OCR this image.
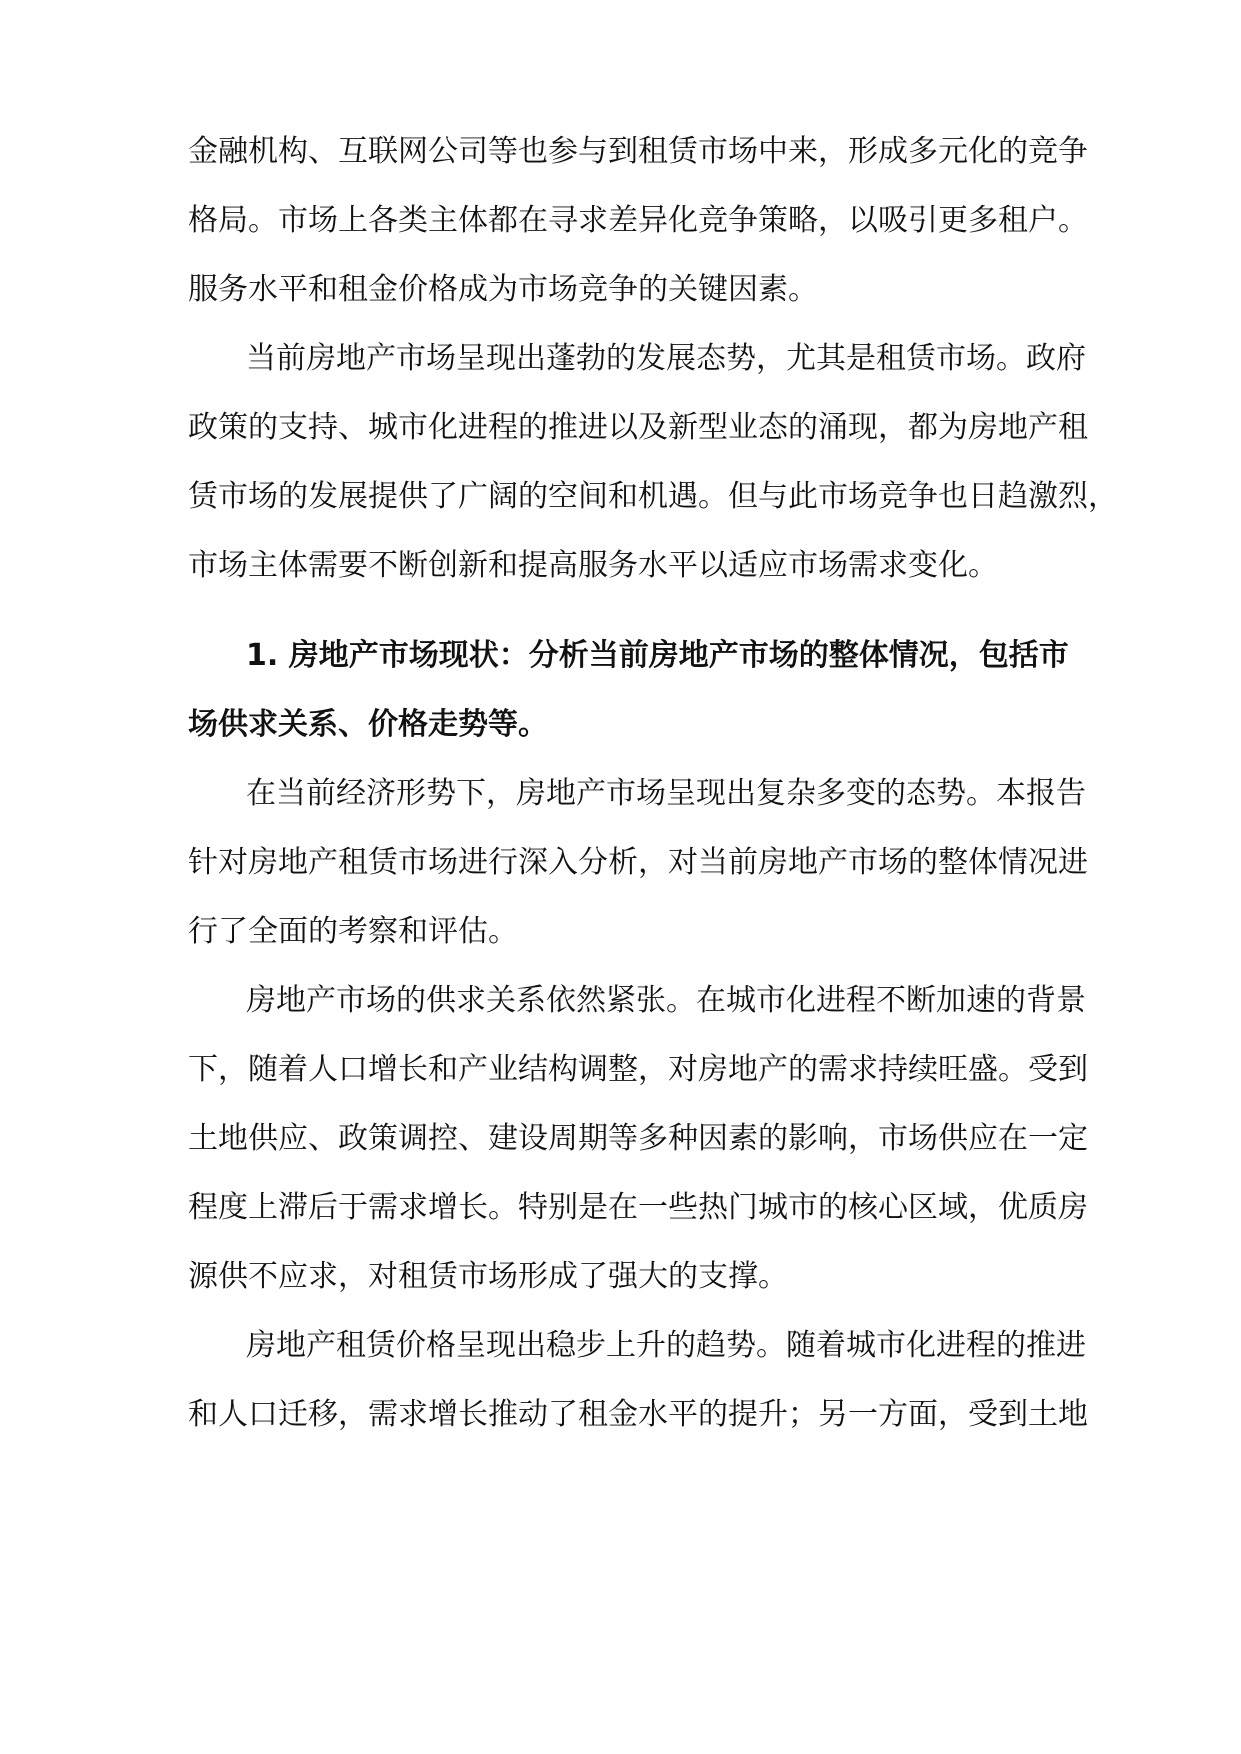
金融机构、互联网公司等也参与到租赁市场中来，形成多元化的竞争
格局。市场上各类主体都在寻求差异化竞争策略，以吸引更多租户。
服务水平和租金价格成为市场竞争的关键因素。
当前房地产市场呈现出蓬勃的发展态势，尤其是租赁市场。政府
政策的支持、城市化进程的推进以及新型业态的涌现，都为房地产租
赁市场的发展提供了广阔的空间和机遇。但与此市场竞争也日趋激烈，
市场主体需要不断创新和提高服务水平以适应市场需求变化。
1. 房地产市场现状：分析当前房地产市场的整体情况，包括市
场供求关系、价格走势等。
在当前经济形势下，房地产市场呈现出复杂多变的态势。本报告
针对房地产租赁市场进行深入分析，对当前房地产市场的整体情况进
行了全面的考察和评估。
房地产市场的供求关系依然紧张。在城市化进程不断加速的背景
下，随着人口增长和产业结构调整，对房地产的需求持续旺盛。受到
土地供应、政策调控、建设周期等多种因素的影响，市场供应在一定
程度上滞后于需求增长。特别是在一些热门城市的核心区域，优质房
源供不应求，对租赁市场形成了强大的支撑。
房地产租赁价格呈现出稳步上升的趋势。随着城市化进程的推进
和人口迁移，需求增长推动了租金水平的提升；另一方面，受到土地
